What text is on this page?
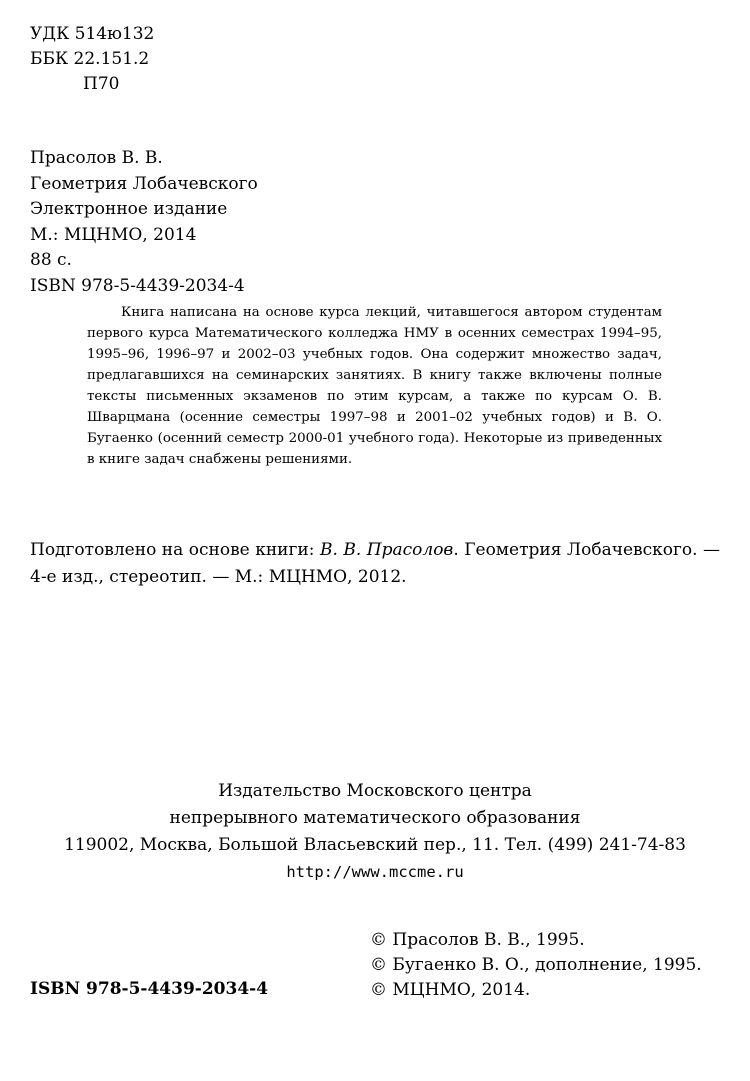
УДК 514ю132
ББК 22.151.2
П70
Прасолов В. В.
Геометрия Лобачевского
Электронное издание
М.: МЦНМО, 2014
88 с.
ISBN 978-5-4439-2034-4
Книга написана на основе курса лекций, читавшегося автором студентам первого курса Математического колледжа НМУ в осенних семестрах 1994–95, 1995–96, 1996–97 и 2002–03 учебных годов. Она содержит множество задач, предлагавшихся на семинарских занятиях. В книгу также включены полные тексты письменных экзаменов по этим курсам, а также по курсам О. В. Шварцмана (осенние семестры 1997–98 и 2001–02 учебных годов) и В. О. Бугаенко (осенний семестр 2000-01 учебного года). Некоторые из приведенных в книге задач снабжены решениями.
Подготовлено на основе книги: В. В. Прасолов. Геометрия Лобачевского. — 4-е изд., стереотип. — М.: МЦНМО, 2012.
Издательство Московского центра
непрерывного математического образования
119002, Москва, Большой Власьевский пер., 11. Тел. (499) 241-74-83
http://www.mccme.ru
© Прасолов В. В., 1995.
© Бугаенко В. О., дополнение, 1995.
© МЦНМО, 2014.
ISBN 978-5-4439-2034-4
